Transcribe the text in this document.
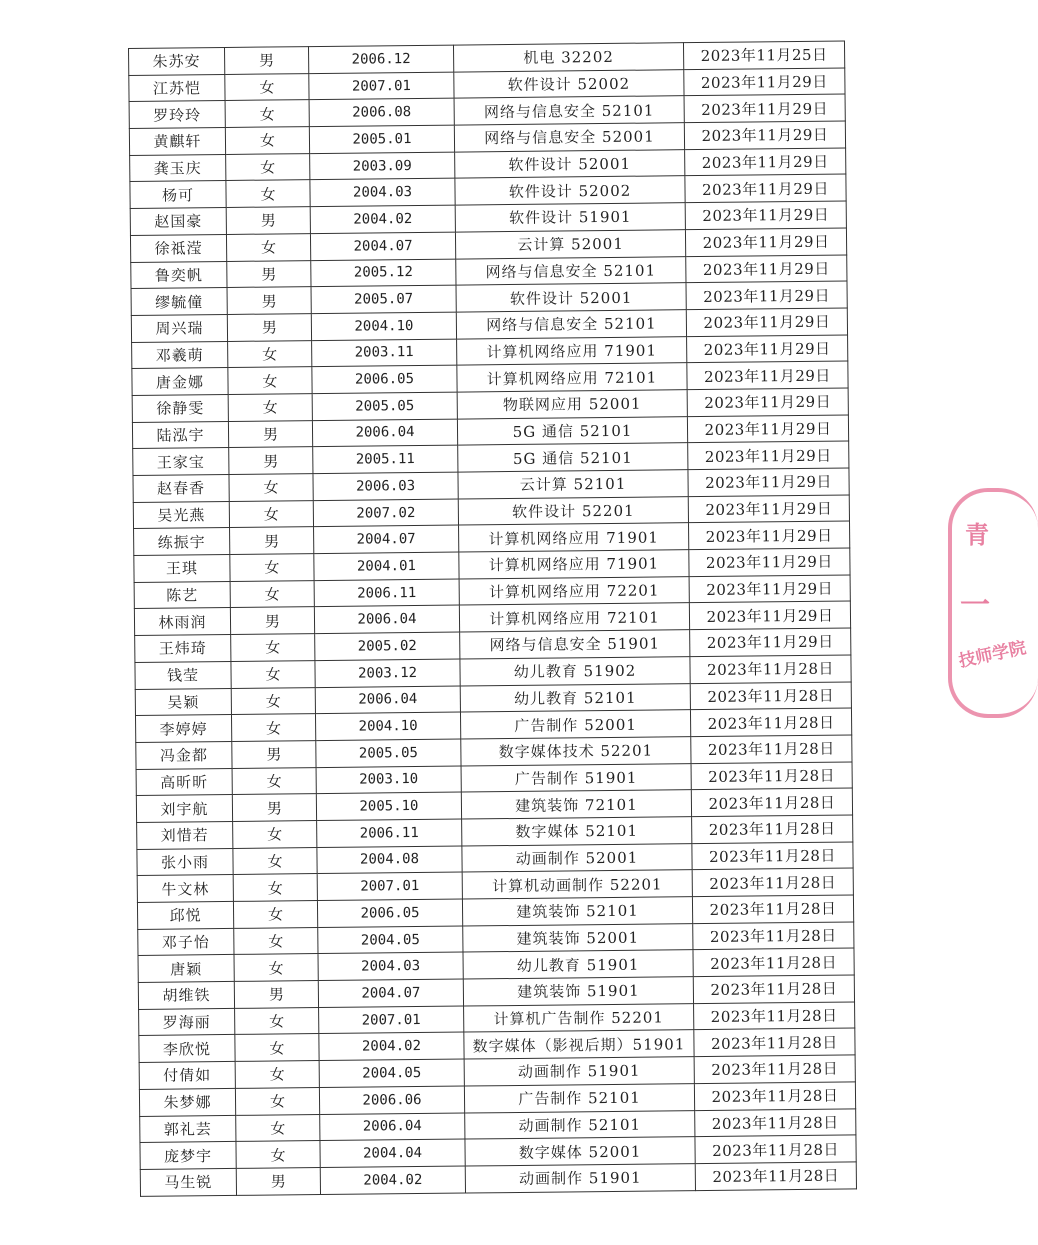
朱苏安	男	2006.12	机电 32202	2023年11月25日
江苏恺	女	2007.01	软件设计 52002	2023年11月29日
罗玲玲	女	2006.08	网络与信息安全 52101	2023年11月29日
黄麒轩	女	2005.01	网络与信息安全 52001	2023年11月29日
龚玉庆	女	2003.09	软件设计 52001	2023年11月29日
杨可	女	2004.03	软件设计 52002	2023年11月29日
赵国豪	男	2004.02	软件设计 51901	2023年11月29日
徐祗滢	女	2004.07	云计算 52001	2023年11月29日
鲁奕帆	男	2005.12	网络与信息安全 52101	2023年11月29日
缪毓僮	男	2005.07	软件设计 52001	2023年11月29日
周兴瑞	男	2004.10	网络与信息安全 52101	2023年11月29日
邓羲萌	女	2003.11	计算机网络应用 71901	2023年11月29日
唐金娜	女	2006.05	计算机网络应用 72101	2023年11月29日
徐静雯	女	2005.05	物联网应用 52001	2023年11月29日
陆泓宇	男	2006.04	5G 通信 52101	2023年11月29日
王家宝	男	2005.11	5G 通信 52101	2023年11月29日
赵春香	女	2006.03	云计算 52101	2023年11月29日
吴光燕	女	2007.02	软件设计 52201	2023年11月29日
练振宇	男	2004.07	计算机网络应用 71901	2023年11月29日
王琪	女	2004.01	计算机网络应用 71901	2023年11月29日
陈艺	女	2006.11	计算机网络应用 72201	2023年11月29日
林雨润	男	2006.04	计算机网络应用 72101	2023年11月29日
王炜琦	女	2005.02	网络与信息安全 51901	2023年11月29日
钱莹	女	2003.12	幼儿教育 51902	2023年11月28日
吴颖	女	2006.04	幼儿教育 52101	2023年11月28日
李婷婷	女	2004.10	广告制作 52001	2023年11月28日
冯金都	男	2005.05	数字媒体技术 52201	2023年11月28日
高昕昕	女	2003.10	广告制作 51901	2023年11月28日
刘宇航	男	2005.10	建筑装饰 72101	2023年11月28日
刘惜若	女	2006.11	数字媒体 52101	2023年11月28日
张小雨	女	2004.08	动画制作 52001	2023年11月28日
牛文林	女	2007.01	计算机动画制作 52201	2023年11月28日
邱悦	女	2006.05	建筑装饰 52101	2023年11月28日
邓子怡	女	2004.05	建筑装饰 52001	2023年11月28日
唐颖	女	2004.03	幼儿教育 51901	2023年11月28日
胡维铁	男	2004.07	建筑装饰 51901	2023年11月28日
罗海丽	女	2007.01	计算机广告制作 52201	2023年11月28日
李欣悦	女	2004.02	数字媒体（影视后期）51901	2023年11月28日
付倩如	女	2004.05	动画制作 51901	2023年11月28日
朱梦娜	女	2006.06	广告制作 52101	2023年11月28日
郭礼芸	女	2006.04	动画制作 52101	2023年11月28日
庞梦宇	女	2004.04	数字媒体 52001	2023年11月28日
马生锐	男	2004.02	动画制作 51901	2023年11月28日
青
一
技师学院
